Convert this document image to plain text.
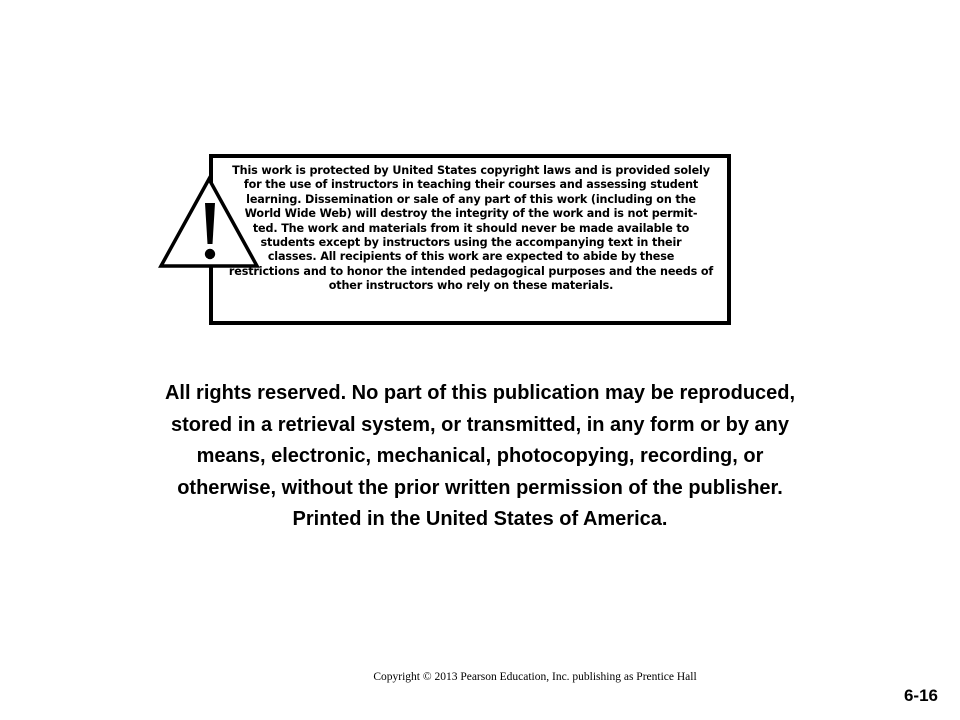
This work is protected by United States copyright laws and is provided solely
for the use of instructors in teaching their courses and assessing student
learning. Dissemination or sale of any part of this work (including on the
World Wide Web) will destroy the integrity of the work and is not permit-
ted. The work and materials from it should never be made available to
students except by instructors using the accompanying text in their
classes. All recipients of this work are expected to abide by these
restrictions and to honor the intended pedagogical purposes and the needs of
other instructors who rely on these materials.
All rights reserved. No part of this publication may be reproduced,
stored in a retrieval system, or transmitted, in any form or by any
means, electronic, mechanical, photocopying, recording, or
otherwise, without the prior written permission of the publisher.
Printed in the United States of America.
Copyright © 2013 Pearson Education, Inc. publishing as Prentice Hall
6-16
